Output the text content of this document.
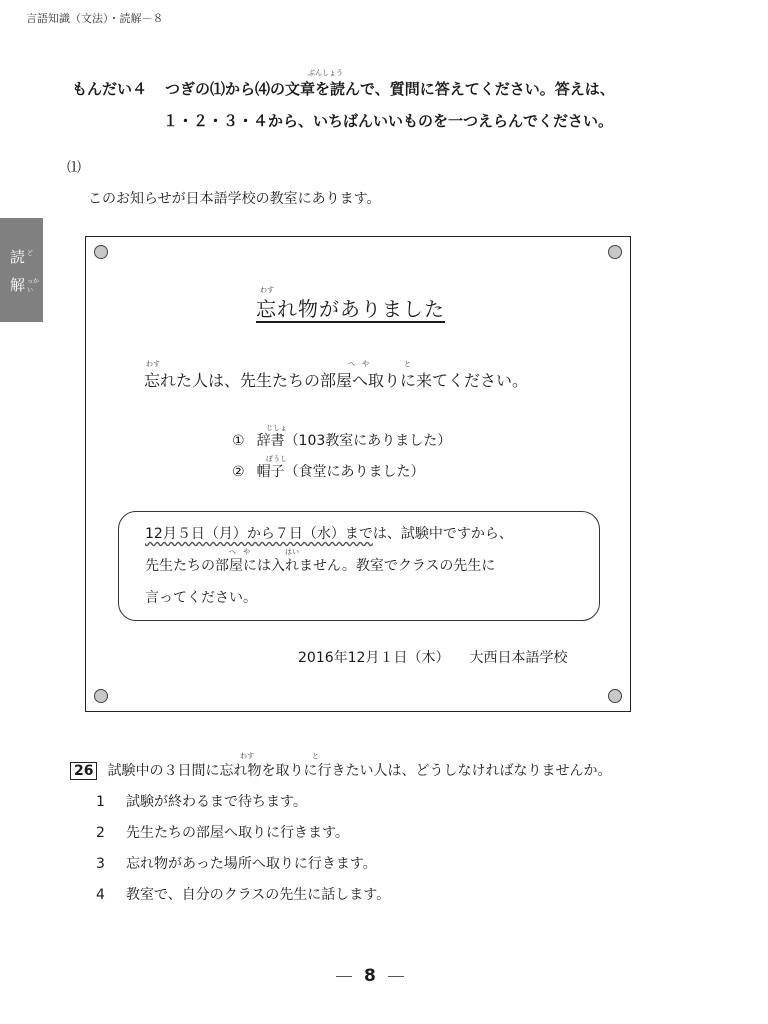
言語知識（文法）・読解－８
もんだい４ つぎの⑴から⑷の文章を読んで、質問に答えてください。答えは、
ぶんしょう
１・２・３・４から、いちばんいいものを一つえらんでください。
読 ど
解 っかい
⑴
このお知らせが日本語学校の教室にあります。
わす
忘れ物がありました
わす	へ　や	と
忘れた人は、先生たちの部屋へ取りに来てください。
じしょ
① 辞書（103教室にありました）
ぼうし
② 帽子（食堂にありました）
12月５日（月）から７日（水）までは、試験中ですから、
へ　や	はい
先生たちの部屋には入れません。教室でクラスの先生に
言ってください。
2016年12月１日（木） 大西日本語学校
わす	と
26 試験中の３日間に忘れ物を取りに行きたい人は、どうしなければなりませんか。
1 試験が終わるまで待ちます。
2 先生たちの部屋へ取りに行きます。
3 忘れ物があった場所へ取りに行きます。
4 教室で、自分のクラスの先生に話します。
8
